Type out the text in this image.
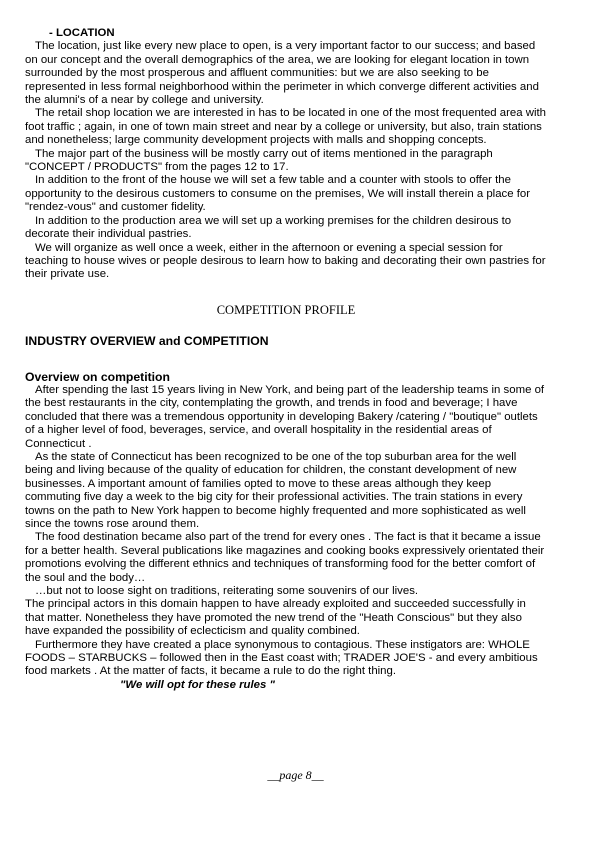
- LOCATION

The location, just like every new place to open, is a very important factor to our success; and based on our concept and the overall demographics of the area, we are looking for elegant location in town surrounded by the most prosperous and affluent communities: but we are also seeking to be represented in less formal neighborhood within the perimeter in which converge different activities and the alumni's of a near by college and university.

The retail shop location we are interested in has to be located in one of the most frequented area with foot traffic ; again, in one of town main street and near by a college or university, but also, train stations and nonetheless; large community development projects with malls and shopping concepts.

The major part of the business will be mostly carry out of items mentioned in the paragraph "CONCEPT / PRODUCTS" from the pages 12 to 17.

In addition to the front of the house we will set a few table and a counter with stools to offer the opportunity to the desirous customers to consume on the premises, We will install therein a place for "rendez-vous" and customer fidelity.

In addition to the production area we will set up a working premises for the children desirous to decorate their individual pastries.

We will organize as well once a week, either in the afternoon or evening a special session for teaching to house wives or people desirous to learn how to baking and decorating their own pastries for their private use.

COMPETITION PROFILE
INDUSTRY OVERVIEW and COMPETITION
Overview on competition

After spending the last 15 years living in New York, and being part of the leadership teams in some of the best restaurants in the city, contemplating the growth, and trends in food and beverage; I have concluded that there was a tremendous opportunity in developing Bakery /catering / "boutique" outlets of a higher level of food, beverages, service, and overall hospitality in the residential areas of Connecticut .

As the state of Connecticut has been recognized to be one of the top suburban area for the well being and living because of the quality of education for children, the constant development of new businesses. A important amount of families opted to move to these areas although they keep commuting five day a week to the big city for their professional activities. The train stations in every towns on the path to New York happen to become highly frequented and more sophisticated as well since the towns rose around them.

The food destination became also part of the trend for every ones . The fact is that it became a issue for a better health. Several publications like magazines and cooking books expressively orientated their promotions evolving the different ethnics and techniques of transforming food for the better comfort of the soul and the body…

…but not to loose sight on traditions, reiterating some souvenirs of our lives.

The principal actors in this domain happen to have already exploited and succeeded successfully in that matter. Nonetheless they have promoted the new trend of the "Heath Conscious" but they also have expanded the possibility of eclecticism and quality combined.

Furthermore they have created a place synonymous to contagious. These instigators are: WHOLE FOODS – STARBUCKS – followed then in the East coast with; TRADER JOE'S - and every ambitious food markets . At the matter of facts, it became a rule to do the right thing.

"We will opt for these rules "

__page 8__
